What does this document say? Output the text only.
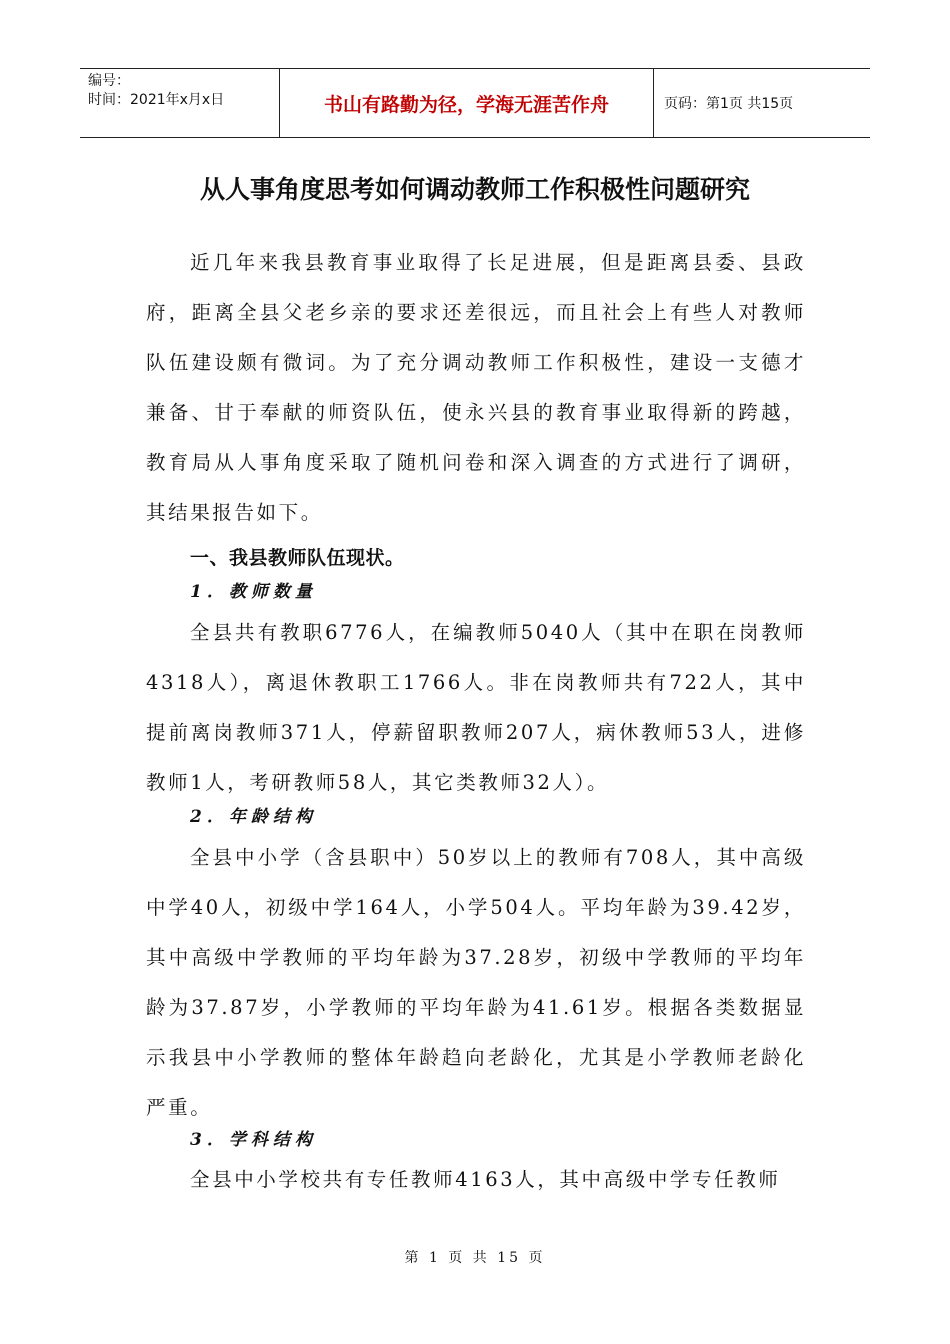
编号：
时间：2021年x月x日	书山有路勤为径，学海无涯苦作舟	页码：第1页 共15页
从人事角度思考如何调动教师工作积极性问题研究

近几年来我县教育事业取得了长足进展，但是距离县委、县政府，距离全县父老乡亲的要求还差很远，而且社会上有些人对教师队伍建设颇有微词。为了充分调动教师工作积极性，建设一支德才兼备、甘于奉献的师资队伍，使永兴县的教育事业取得新的跨越，教育局从人事角度采取了随机问卷和深入调查的方式进行了调研，其结果报告如下。

一、我县教师队伍现状。
1．教师数量

全县共有教职6776人，在编教师5040人（其中在职在岗教师4318人），离退休教职工1766人。非在岗教师共有722人，其中提前离岗教师371人，停薪留职教师207人，病休教师53人，进修教师1人，考研教师58人，其它类教师32人）。

2．年龄结构

全县中小学（含县职中）50岁以上的教师有708人，其中高级中学40人，初级中学164人，小学504人。平均年龄为39.42岁，其中高级中学教师的平均年龄为37.28岁，初级中学教师的平均年龄为37.87岁，小学教师的平均年龄为41.61岁。根据各类数据显示我县中小学教师的整体年龄趋向老龄化，尤其是小学教师老龄化严重。

3．学科结构

全县中小学校共有专任教师4163人，其中高级中学专任教师

第 1 页 共 15 页
